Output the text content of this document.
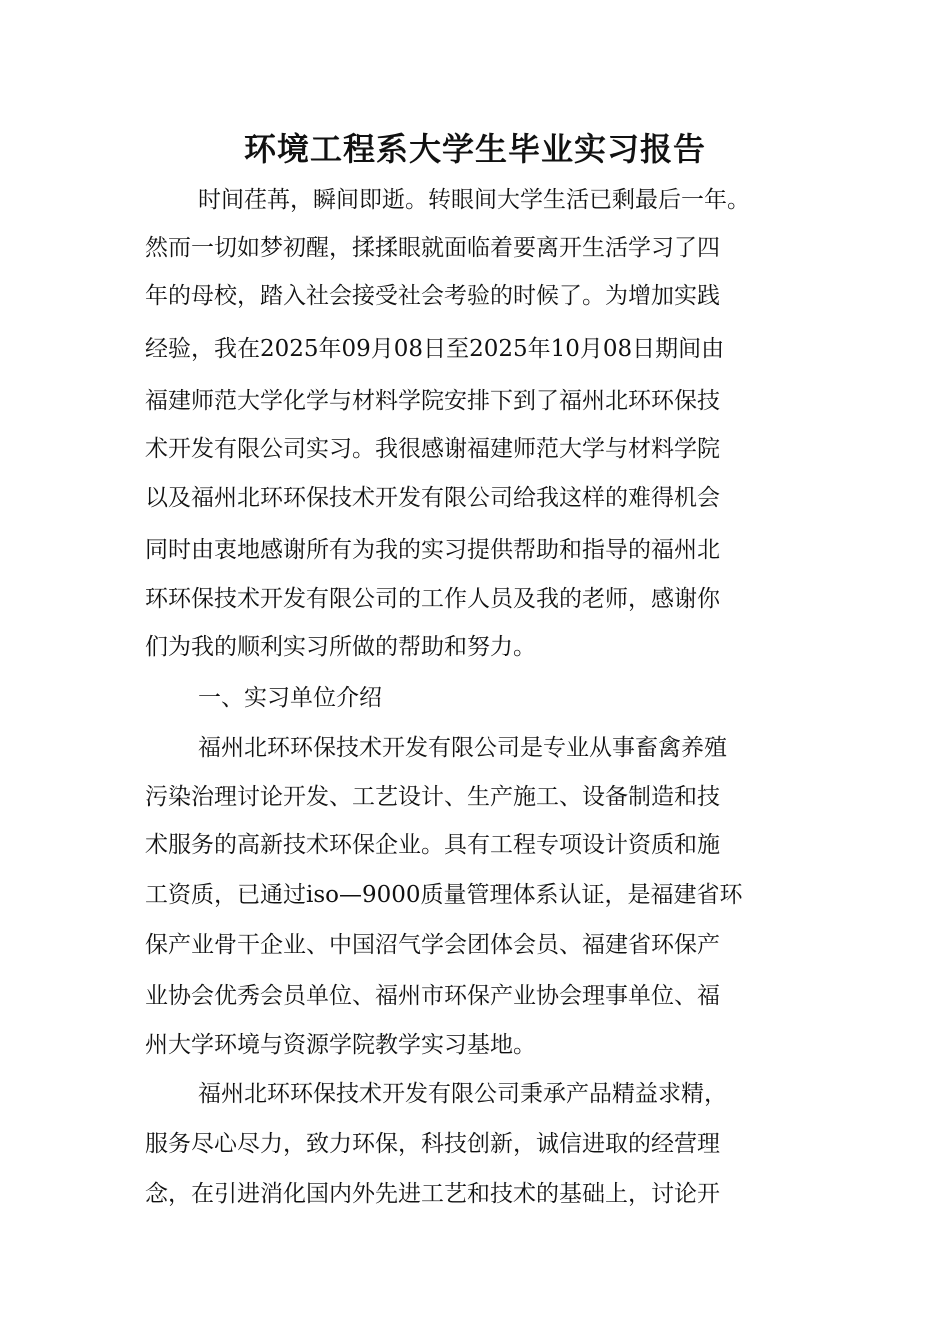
环境工程系大学生毕业实习报告

时间荏苒，瞬间即逝。转眼间大学生活已剩最后一年。

然而一切如梦初醒，揉揉眼就面临着要离开生活学习了四

年的母校，踏入社会接受社会考验的时候了。为增加实践

经验，我在2025年09月08日至2025年10月08日期间由

福建师范大学化学与材料学院安排下到了福州北环环保技

术开发有限公司实习。我很感谢福建师范大学与材料学院

以及福州北环环保技术开发有限公司给我这样的难得机会

同时由衷地感谢所有为我的实习提供帮助和指导的福州北

环环保技术开发有限公司的工作人员及我的老师，感谢你

们为我的顺利实习所做的帮助和努力。

一、实习单位介绍

福州北环环保技术开发有限公司是专业从事畜禽养殖

污染治理讨论开发、工艺设计、生产施工、设备制造和技

术服务的高新技术环保企业。具有工程专项设计资质和施

工资质，已通过iso—9000质量管理体系认证，是福建省环

保产业骨干企业、中国沼气学会团体会员、福建省环保产

业协会优秀会员单位、福州市环保产业协会理事单位、福

州大学环境与资源学院教学实习基地。

福州北环环保技术开发有限公司秉承产品精益求精，

服务尽心尽力，致力环保，科技创新，诚信进取的经营理

念，在引进消化国内外先进工艺和技术的基础上，讨论开
